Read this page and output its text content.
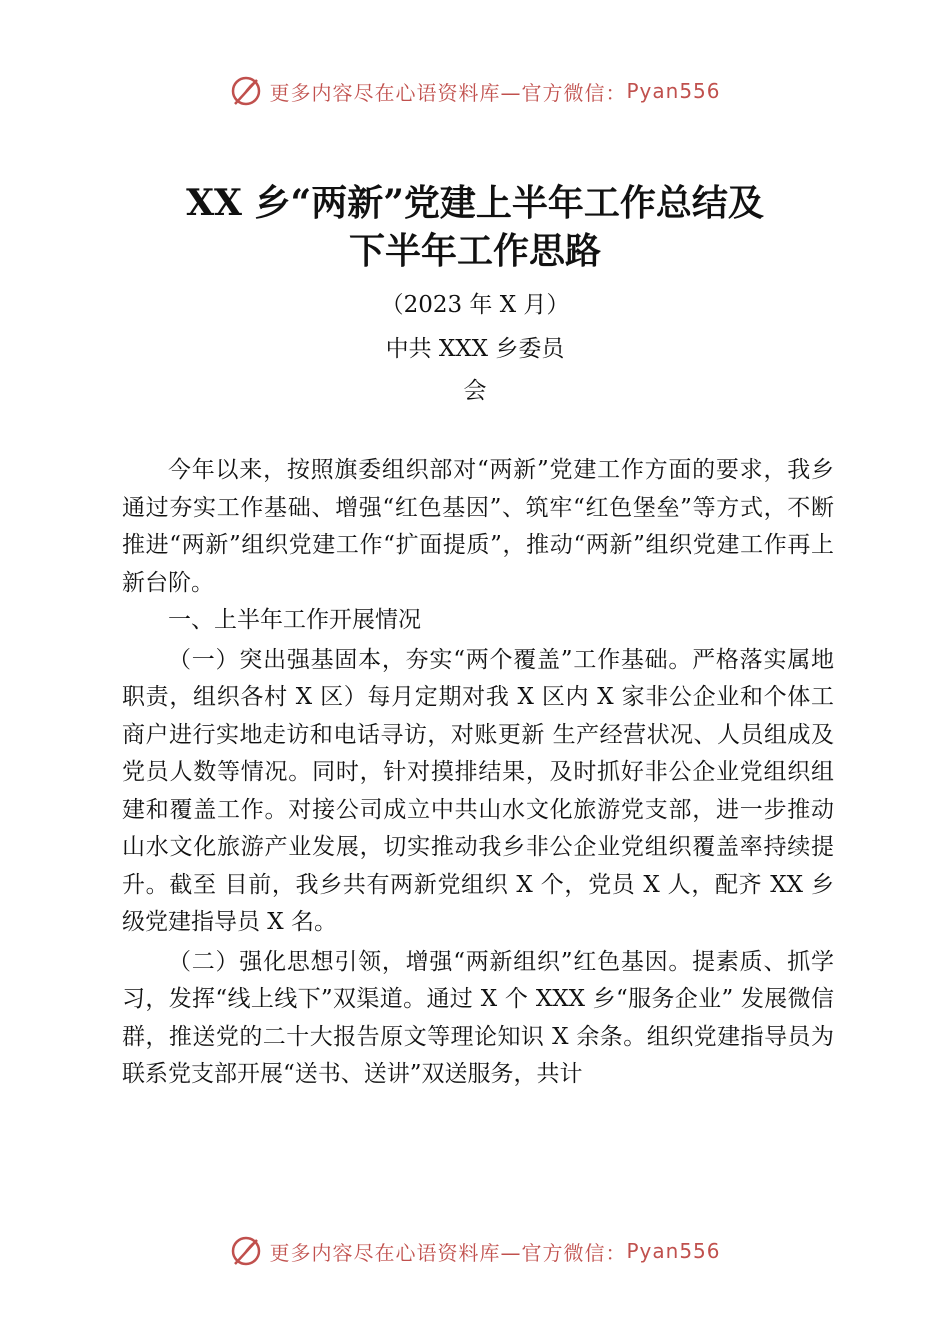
更多内容尽在心语资料库—官方微信： Pyan556
XX 乡“两新”党建上半年工作总结及
下半年工作思路
（2023 年 X 月）
中共 XXX 乡委员
会

今年以来，按照旗委组织部对“两新”党建工作方面的要求，我乡通过夯实工作基础、增强“红色基因”、筑牢“红色堡垒”等方式，不断推进“两新”组织党建工作“扩面提质”，推动“两新”组织党建工作再上新台阶。

一、上半年工作开展情况

（一）突出强基固本，夯实“两个覆盖”工作基础。严格落实属地职责，组织各村 X 区）每月定期对我 X 区内 X 家非公企业和个体工商户进行实地走访和电话寻访，对账更新 生产经营状况、人员组成及党员人数等情况。同时，针对摸排结果，及时抓好非公企业党组织组建和覆盖工作。对接公司成立中共山水文化旅游党支部，进一步推动山水文化旅游产业发展，切实推动我乡非公企业党组织覆盖率持续提升。截至 目前，我乡共有两新党组织 X 个，党员 X 人，配齐 XX 乡级党建指导员 X 名。

（二）强化思想引领，增强“两新组织”红色基因。提素质、抓学习，发挥“线上线下”双渠道。通过 X 个 XXX 乡“服务企业” 发展微信群，推送党的二十大报告原文等理论知识 X 余条。组织党建指导员为联系党支部开展“送书、送讲”双送服务，共计

更多内容尽在心语资料库—官方微信： Pyan556
